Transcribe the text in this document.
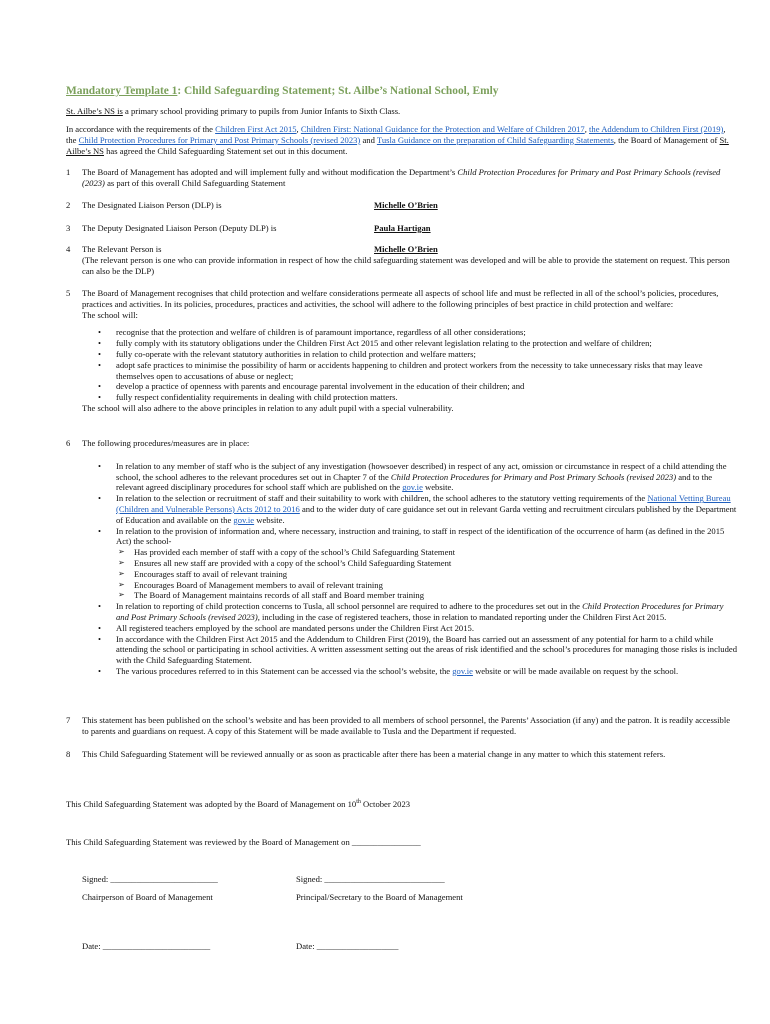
Mandatory Template 1: Child Safeguarding Statement; St. Ailbe’s National School, Emly
St. Ailbe’s NS is a primary school providing primary to pupils from Junior Infants to Sixth Class.
In accordance with the requirements of the Children First Act 2015, Children First: National Guidance for the Protection and Welfare of Children 2017, the Addendum to Children First (2019), the Child Protection Procedures for Primary and Post Primary Schools (revised 2023) and Tusla Guidance on the preparation of Child Safeguarding Statements, the Board of Management of St. Ailbe’s NS has agreed the Child Safeguarding Statement set out in this document.
1	The Board of Management has adopted and will implement fully and without modification the Department’s Child Protection Procedures for Primary and Post Primary Schools (revised (2023) as part of this overall Child Safeguarding Statement
2	The Designated Liaison Person (DLP) is	Michelle O’Brien
3	The Deputy Designated Liaison Person (Deputy DLP) is	Paula Hartigan
4	The Relevant Person is	Michelle O’Brien
(The relevant person is one who can provide information in respect of how the child safeguarding statement was developed and will be able to provide the statement on request. This person can also be the DLP)
5	The Board of Management recognises that child protection and welfare considerations permeate all aspects of school life and must be reflected in all of the school’s policies, procedures, practices and activities. In its policies, procedures, practices and activities, the school will adhere to the following principles of best practice in child protection and welfare:
The school will:
• recognise that the protection and welfare of children is of paramount importance, regardless of all other considerations;
• fully comply with its statutory obligations under the Children First Act 2015 and other relevant legislation relating to the protection and welfare of children;
• fully co-operate with the relevant statutory authorities in relation to child protection and welfare matters;
• adopt safe practices to minimise the possibility of harm or accidents happening to children and protect workers from the necessity to take unnecessary risks that may leave themselves open to accusations of abuse or neglect;
• develop a practice of openness with parents and encourage parental involvement in the education of their children; and
• fully respect confidentiality requirements in dealing with child protection matters.
The school will also adhere to the above principles in relation to any adult pupil with a special vulnerability.
6	The following procedures/measures are in place:
• In relation to any member of staff who is the subject of any investigation (howsoever described) in respect of any act, omission or circumstance in respect of a child attending the school, the school adheres to the relevant procedures set out in Chapter 7 of the Child Protection Procedures for Primary and Post Primary Schools (revised 2023) and to the relevant agreed disciplinary procedures for school staff which are published on the gov.ie website.
• In relation to the selection or recruitment of staff and their suitability to work with children, the school adheres to the statutory vetting requirements of the National Vetting Bureau (Children and Vulnerable Persons) Acts 2012 to 2016 and to the wider duty of care guidance set out in relevant Garda vetting and recruitment circulars published by the Department of Education and available on the gov.ie website.
• In relation to the provision of information and, where necessary, instruction and training, to staff in respect of the identification of the occurrence of harm (as defined in the 2015 Act) the school-
➢ Has provided each member of staff with a copy of the school’s Child Safeguarding Statement
➢ Ensures all new staff are provided with a copy of the school’s Child Safeguarding Statement
➢ Encourages staff to avail of relevant training
➢ Encourages Board of Management members to avail of relevant training
➢ The Board of Management maintains records of all staff and Board member training
• In relation to reporting of child protection concerns to Tusla, all school personnel are required to adhere to the procedures set out in the Child Protection Procedures for Primary and Post Primary Schools (revised 2023), including in the case of registered teachers, those in relation to mandated reporting under the Children First Act 2015.
• All registered teachers employed by the school are mandated persons under the Children First Act 2015.
• In accordance with the Children First Act 2015 and the Addendum to Children First (2019), the Board has carried out an assessment of any potential for harm to a child while attending the school or participating in school activities. A written assessment setting out the areas of risk identified and the school’s procedures for managing those risks is included with the Child Safeguarding Statement.
• The various procedures referred to in this Statement can be accessed via the school’s website, the gov.ie website or will be made available on request by the school.
7	This statement has been published on the school’s website and has been provided to all members of school personnel, the Parents’ Association (if any) and the patron. It is readily accessible to parents and guardians on request. A copy of this Statement will be made available to Tusla and the Department if requested.
8	This Child Safeguarding Statement will be reviewed annually or as soon as practicable after there has been a material change in any matter to which this statement refers.
This Child Safeguarding Statement was adopted by the Board of Management on 10th October 2023
This Child Safeguarding Statement was reviewed by the Board of Management on ________________
Signed: _________________________	Signed: ____________________________
Chairperson of Board of Management	Principal/Secretary to the Board of Management
Date: _________________________	Date: ___________________
